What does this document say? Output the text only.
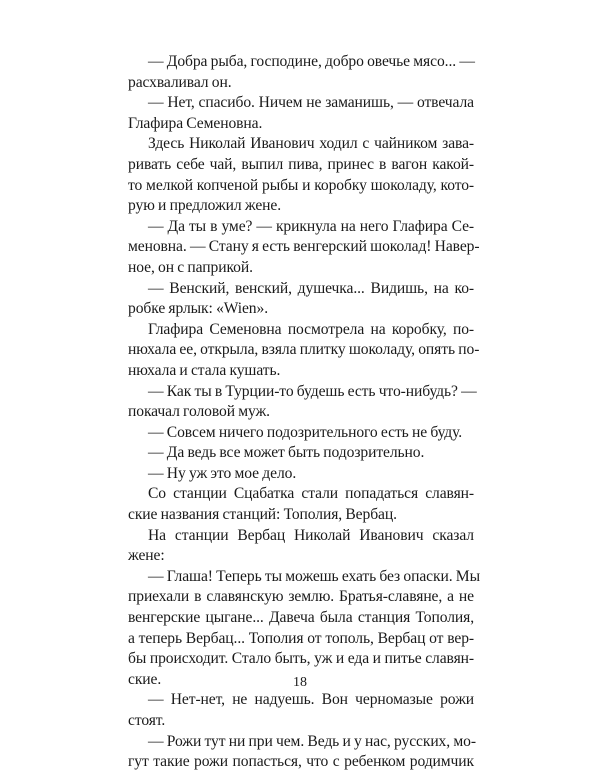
— Добра рыба, господине, добро овечье мясо... —
расхваливал он.
— Нет, спасибо. Ничем не заманишь, — отвечала
Глафира Семеновна.
Здесь Николай Иванович ходил с чайником зава-
ривать себе чай, выпил пива, принес в вагон какой-
то мелкой копченой рыбы и коробку шоколаду, кото-
рую и предложил жене.
— Да ты в уме? — крикнула на него Глафира Се-
меновна. — Стану я есть венгерский шоколад! Навер-
ное, он с паприкой.
— Венский, венский, душечка... Видишь, на ко-
робке ярлык: «Wien».
Глафира Семеновна посмотрела на коробку, по-
нюхала ее, открыла, взяла плитку шоколаду, опять по-
нюхала и стала кушать.
— Как ты в Турции-то будешь есть что-нибудь? —
покачал головой муж.
— Совсем ничего подозрительного есть не буду.
— Да ведь все может быть подозрительно.
— Ну уж это мое дело.
Со станции Сцабатка стали попадаться славян-
ские названия станций: Тополия, Вербац.
На станции Вербац Николай Иванович сказал
жене:
— Глаша! Теперь ты можешь ехать без опаски. Мы
приехали в славянскую землю. Братья-славяне, а не
венгерские цыгане... Давеча была станция Тополия,
а теперь Вербац... Тополия от тополь, Вербац от вер-
бы происходит. Стало быть, уж и еда и питье славян-
ские.
— Нет-нет, не надуешь. Вон черномазые рожи
стоят.
— Рожи тут ни при чем. Ведь и у нас, русских, мо-
гут такие рожи попасться, что с ребенком родимчик
18
